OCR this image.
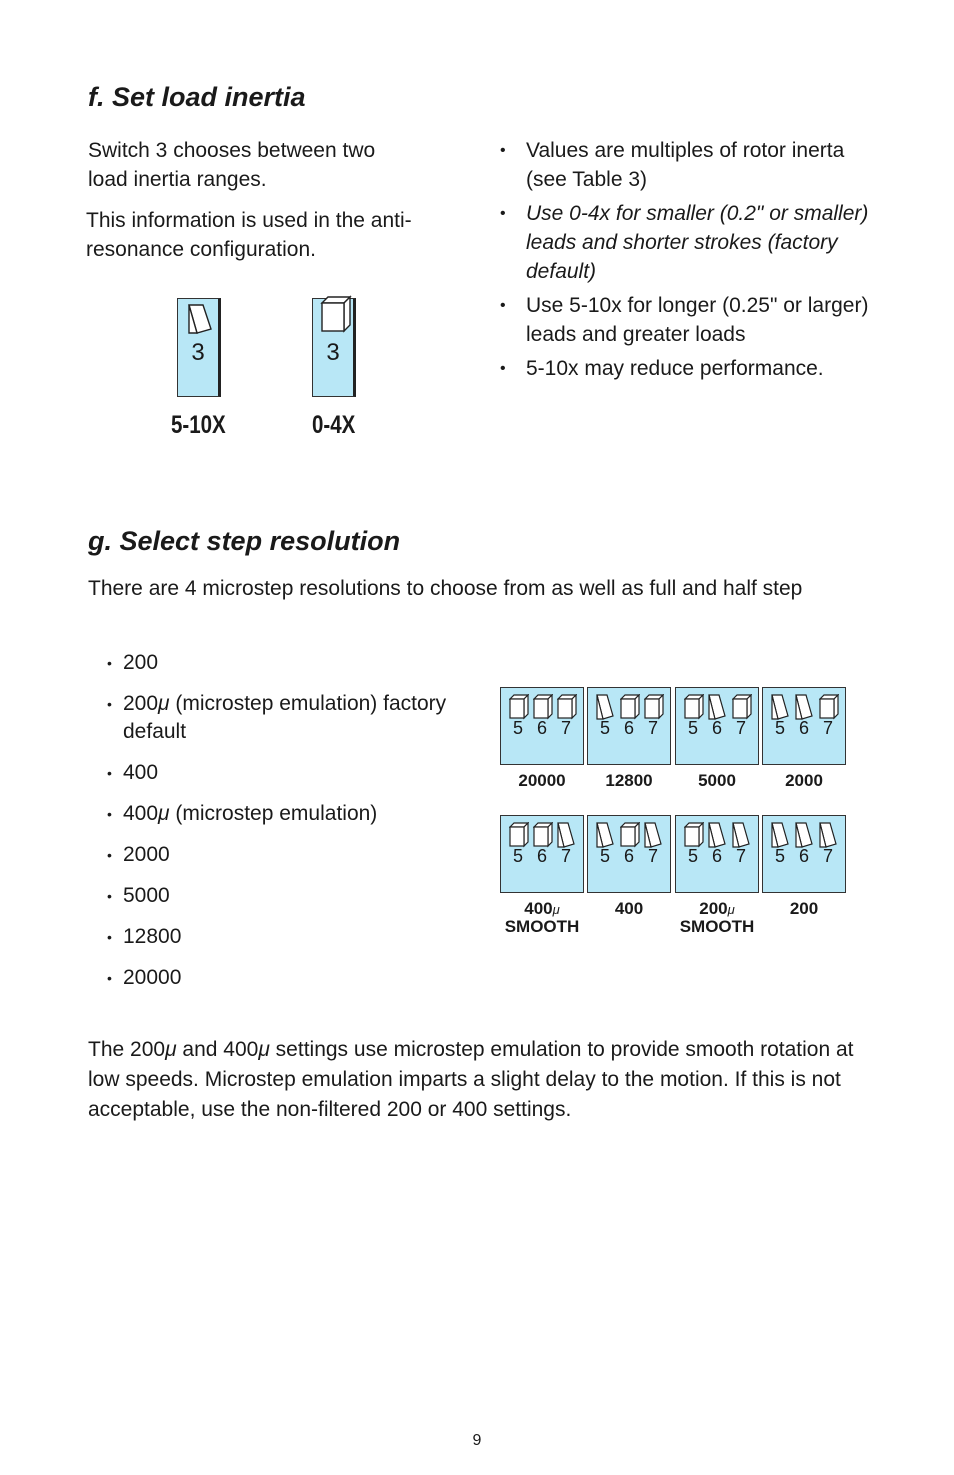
f. Set load inertia

Switch 3 chooses between two load inertia ranges.

This information is used in the anti-resonance configuration.

• Values are multiples of rotor inerta (see Table 3)
• Use 0-4x for smaller (0.2" or smaller) leads and shorter strokes (factory default)
• Use 5-10x for longer (0.25" or larger) leads and greater loads
• 5-10x may reduce performance.
3
5-10X
3
0-4X
g. Select step resolution

There are 4 microstep resolutions to choose from as well as full and half step

• 200
• 200μ (microstep emulation) factory default
• 400
• 400μ (microstep emulation)
• 2000
• 5000
• 12800
• 20000
5 6 7
20000
5 6 7
12800
5 6 7
5000
5 6 7
2000
5 6 7
400μ
SMOOTH
5 6 7
400
5 6 7
200μ
SMOOTH
5 6 7
200

The 200μ and 400μ settings use microstep emulation to provide smooth rotation at low speeds. Microstep emulation imparts a slight delay to the motion. If this is not acceptable, use the non-filtered 200 or 400 settings.

9
